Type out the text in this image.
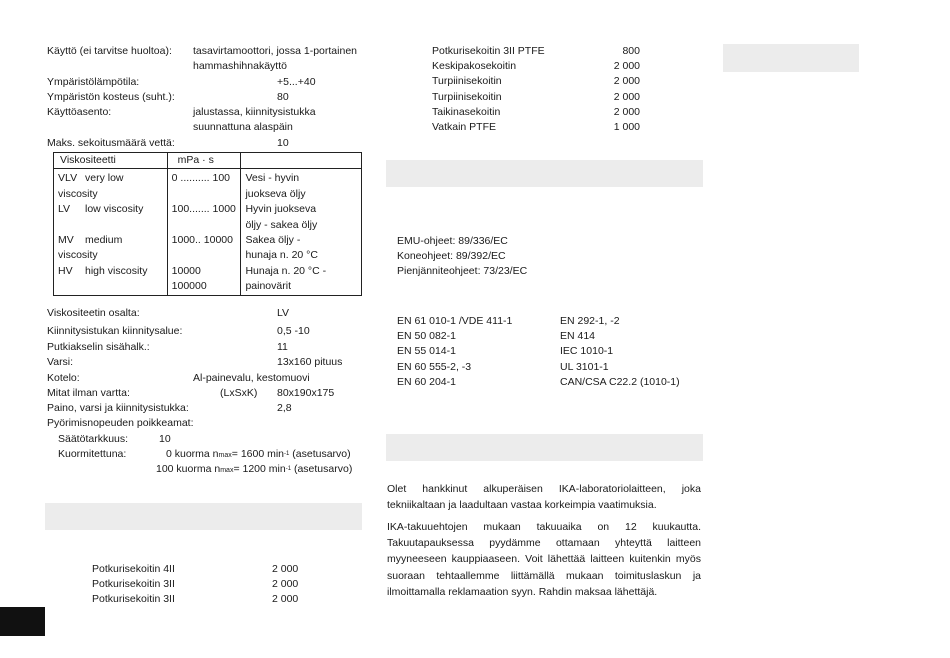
Käyttö (ei tarvitse huoltoa): tasavirtamoottori, jossa 1-portainen
hammashihnakäyttö
Ympäristölämpötila:	+5...+40
Ympäristön kosteus (suht.):	80
Käyttöasento:	jalustassa, kiinnitysistukka
suunnattuna alaspäin
Maks. sekoitusmäärä vettä:	10
Viskositeetti	mPa · s	
VLV very low viscosity	0 .......... 100	Vesi - hyvin
juokseva öljy

LV low viscosity	100....... 1000	Hyvin juokseva
öljy - sakea öljy

MV medium viscosity	1000.. 10000	Sakea öljy -
hunaja n. 20 °C

HV high viscosity	10000 100000	Hunaja n. 20 °C -
painovärit
Viskositeetin osalta:	LV
Kiinnitysistukan kiinnitysalue:	0,5 -10
Putkiakselin sisähalk.:	11
Varsi:	13x160 pituus
Kotelo:	Al-painevalu, kestomuovi
Mitat ilman vartta:	(LxSxK) 80x190x175
Paino, varsi ja kiinnitysistukka:	2,8
Pyörimisnopeuden poikkeamat:
Säätötarkkuus:	10
Kuormitettuna:	0 kuorma nmax= 1600 $\min^{-1}$ (asetusarvo)
100 kuorma nmax= 1200 $\min^{-1}$ (asetusarvo)
Potkurisekoitin 4II	2 000
Potkurisekoitin 3II	2 000
Potkurisekoitin 3II	2 000
Potkurisekoitin 3II PTFE	800
Keskipakosekoitin	2 000
Turpiinisekoitin	2 000
Turpiinisekoitin	2 000
Taikinasekoitin	2 000
Vatkain PTFE	1 000
EMU-ohjeet: 89/336/EC
Koneohjeet: 89/392/EC
Pienjänniteohjeet: 73/23/EC
EN 61 010-1 /VDE 411-1	EN 292-1, -2
EN 50 082-1	EN 414
EN 55 014-1	IEC 1010-1
EN 60 555-2, -3	UL 3101-1
EN 60 204-1	CAN/CSA C22.2 (1010-1)
Olet hankkinut alkuperäisen IKA-laboratoriolaitteen, joka tekniikaltaan ja laadultaan vastaa korkeimpia vaatimuksia.
IKA-takuuehtojen mukaan takuuaika on 12 kuukautta. Takuutapauksessa pyydämme ottamaan yhteyttä laitteen myyneeseen kauppiaaseen. Voit lähettää laitteen kuitenkin myös suoraan tehtaallemme liittämällä mukaan toimituslaskun ja ilmoittamalla reklamaation syyn. Rahdin maksaa lähettäjä.
